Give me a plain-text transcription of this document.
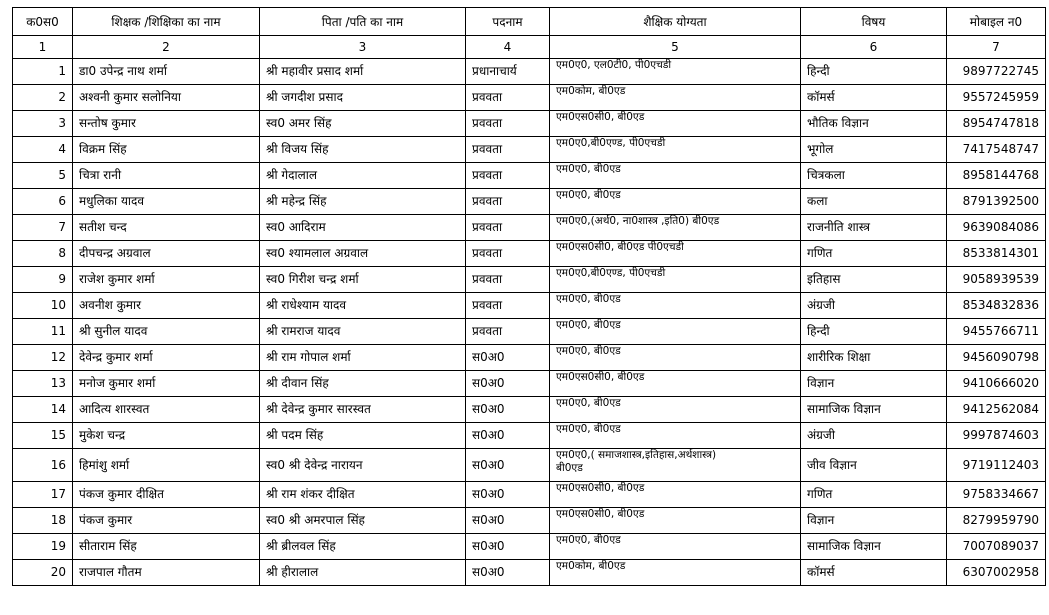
क0स0	शिक्षक /शिक्षिका का नाम	पिता /पति का नाम	पदनाम	शैक्षिक योग्यता	विषय	मोबाइल न0
1	2	3	4	5	6	7
1	डा0 उपेन्द्र नाथ शर्मा	श्री महावीर प्रसाद शर्मा	प्रधानाचार्य	एम0ए0, एल0टी0, पी0एचडी	हिन्दी	9897722745
2	अश्वनी कुमार सलोनिया	श्री जगदीश प्रसाद	प्रववता	एम0कोम, बी0एड	कॉमर्स	9557245959
3	सन्तोष कुमार	स्व0 अमर सिंह	प्रववता	एम0एस0सी0, बी0एड	भौतिक विज्ञान	8954747818
4	विक्रम सिंह	श्री विजय सिंह	प्रववता	एम0ए0,बी0एण्ड, पी0एचडी	भूगोल	7417548747
5	चित्रा रानी	श्री गेदालाल	प्रववता	एम0ए0, बी0एड	चित्रकला	8958144768
6	मधुलिका यादव	श्री महेन्द्र सिंह	प्रववता	एम0ए0, बी0एड	कला	8791392500
7	सतीश चन्द	स्व0 आदिराम	प्रववता	एम0ए0,(अर्थ0, ना0शास्त्र ,इति0) बी0एड	राजनीति शास्त्र	9639084086
8	दीपचन्द्र अग्रवाल	स्व0 श्यामलाल अग्रवाल	प्रववता	एम0एस0सी0, बी0एड पी0एचडी	गणित	8533814301
9	राजेश कुमार शर्मा	स्व0 गिरीश चन्द्र शर्मा	प्रववता	एम0ए0,बी0एण्ड, पी0एचडी	इतिहास	9058939539
10	अवनीश कुमार	श्री राधेश्याम यादव	प्रववता	एम0ए0, बी0एड	अंग्रजी	8534832836
11	श्री सुनील यादव	श्री रामराज यादव	प्रववता	एम0ए0, बी0एड	हिन्दी	9455766711
12	देवेन्द्र कुमार शर्मा	श्री राम गोपाल शर्मा	स0अ0	एम0ए0, बी0एड	शारीरिक शिक्षा	9456090798
13	मनोज कुमार शर्मा	श्री दीवान सिंह	स0अ0	एम0एस0सी0, बी0एड	विज्ञान	9410666020
14	आदित्य शारस्वत	श्री देवेन्द्र कुमार सारस्वत	स0अ0	एम0ए0, बी0एड	सामाजिक विज्ञान	9412562084
15	मुकेश चन्द्र	श्री पदम सिंह	स0अ0	एम0ए0, बी0एड	अंग्रजी	9997874603
16	हिमांशु शर्मा	स्व0 श्री देवेन्द्र नारायन	स0अ0	एम0ए0,( समाजशास्त्र,इतिहास,अर्थशास्त्र)
बी0एड	जीव विज्ञान	9719112403
17	पंकज कुमार दीक्षित	श्री राम शंकर दीक्षित	स0अ0	एम0एस0सी0, बी0एड	गणित	9758334667
18	पंकज कुमार	स्व0 श्री अमरपाल सिंह	स0अ0	एम0एस0सी0, बी0एड	विज्ञान	8279959790
19	सीताराम सिंह	श्री ब्रीलवल सिंह	स0अ0	एम0ए0, बी0एड	सामाजिक विज्ञान	7007089037
20	राजपाल गौतम	श्री हीरालाल	स0अ0	एम0कोम, बी0एड	कॉमर्स	6307002958
